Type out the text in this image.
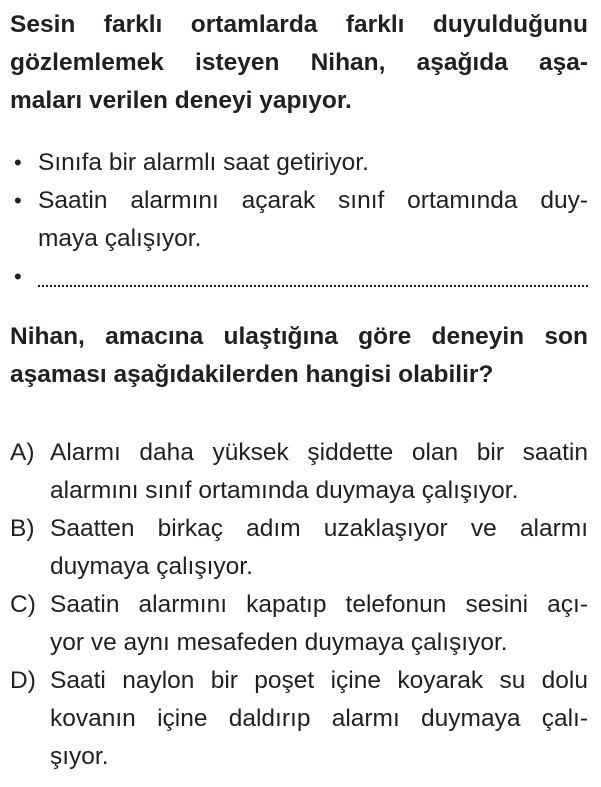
Sesin farklı ortamlarda farklı duyulduğunu
gözlemlemek isteyen Nihan, aşağıda aşa-
maları verilen deneyi yapıyor.

• Sınıfa bir alarmlı saat getiriyor.
• Saatin alarmını açarak sınıf ortamında duy-
maya çalışıyor.
•

Nihan, amacına ulaştığına göre deneyin son
aşaması aşağıdakilerden hangisi olabilir?

A) Alarmı daha yüksek şiddette olan bir saatin
alarmını sınıf ortamında duymaya çalışıyor.
B) Saatten birkaç adım uzaklaşıyor ve alarmı
duymaya çalışıyor.
C) Saatin alarmını kapatıp telefonun sesini açı-
yor ve aynı mesafeden duymaya çalışıyor.
D) Saati naylon bir poşet içine koyarak su dolu
kovanın içine daldırıp alarmı duymaya çalı-
şıyor.
